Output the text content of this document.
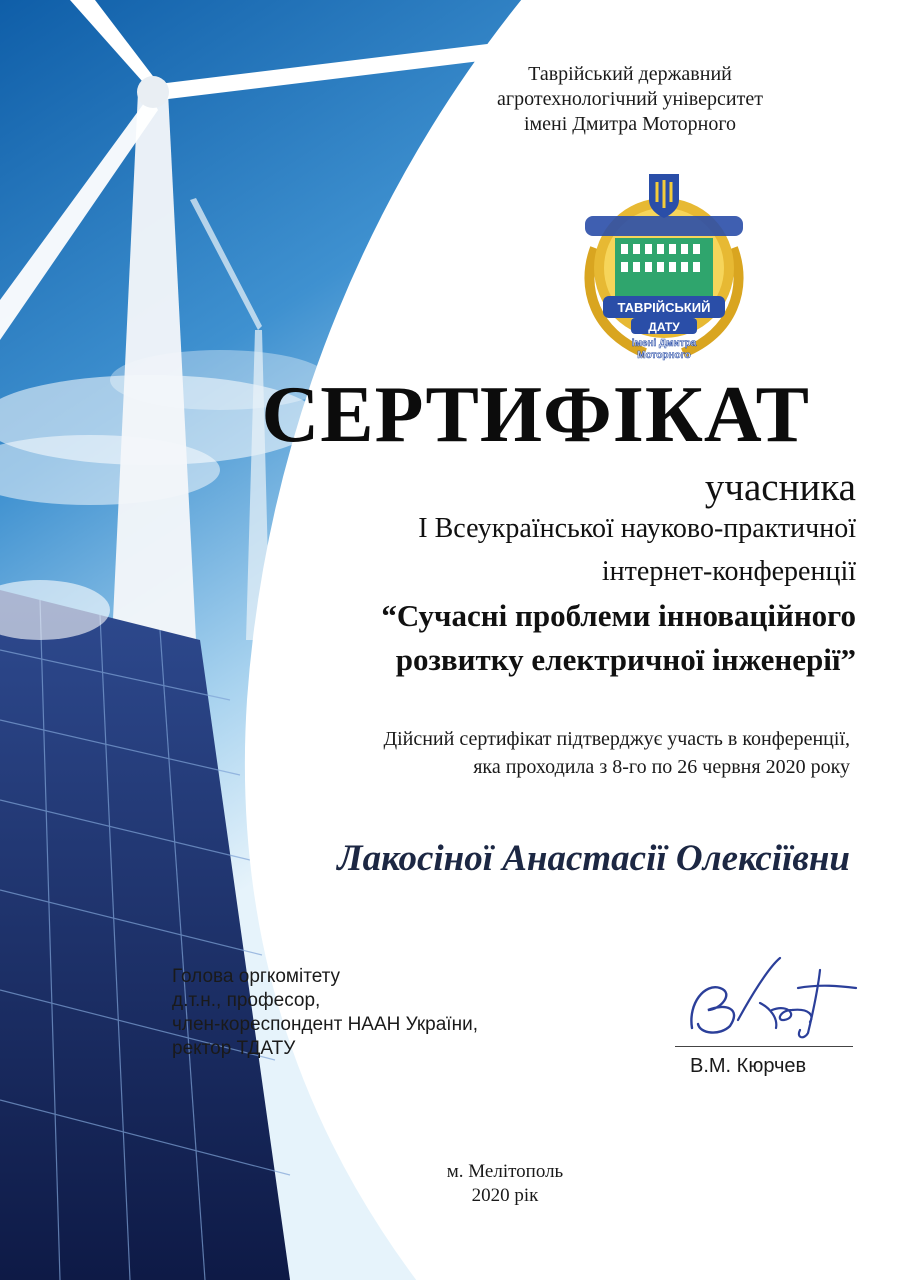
Таврійський державний
агротехнологічний університет
імені Дмитра Моторного
ТАВРІЙСЬКИЙ
ДАТУ
імені Дмитра
Моторного
СЕРТИФІКАТ
учасника
І Всеукраїнської науково-практичної
інтернет-конференції
“Сучасні проблеми інноваційного
розвитку електричної інженерії”
Дійсний сертифікат підтверджує участь в конференції,
яка проходила з 8-го по 26 червня 2020 року
Лакосіної Анастасії Олексіївни
Голова оргкомітету
д.т.н., професор,
член-кореспондент НААН України,
ректор ТДАТУ
В.М. Кюрчев
м. Мелітополь
2020 рік
